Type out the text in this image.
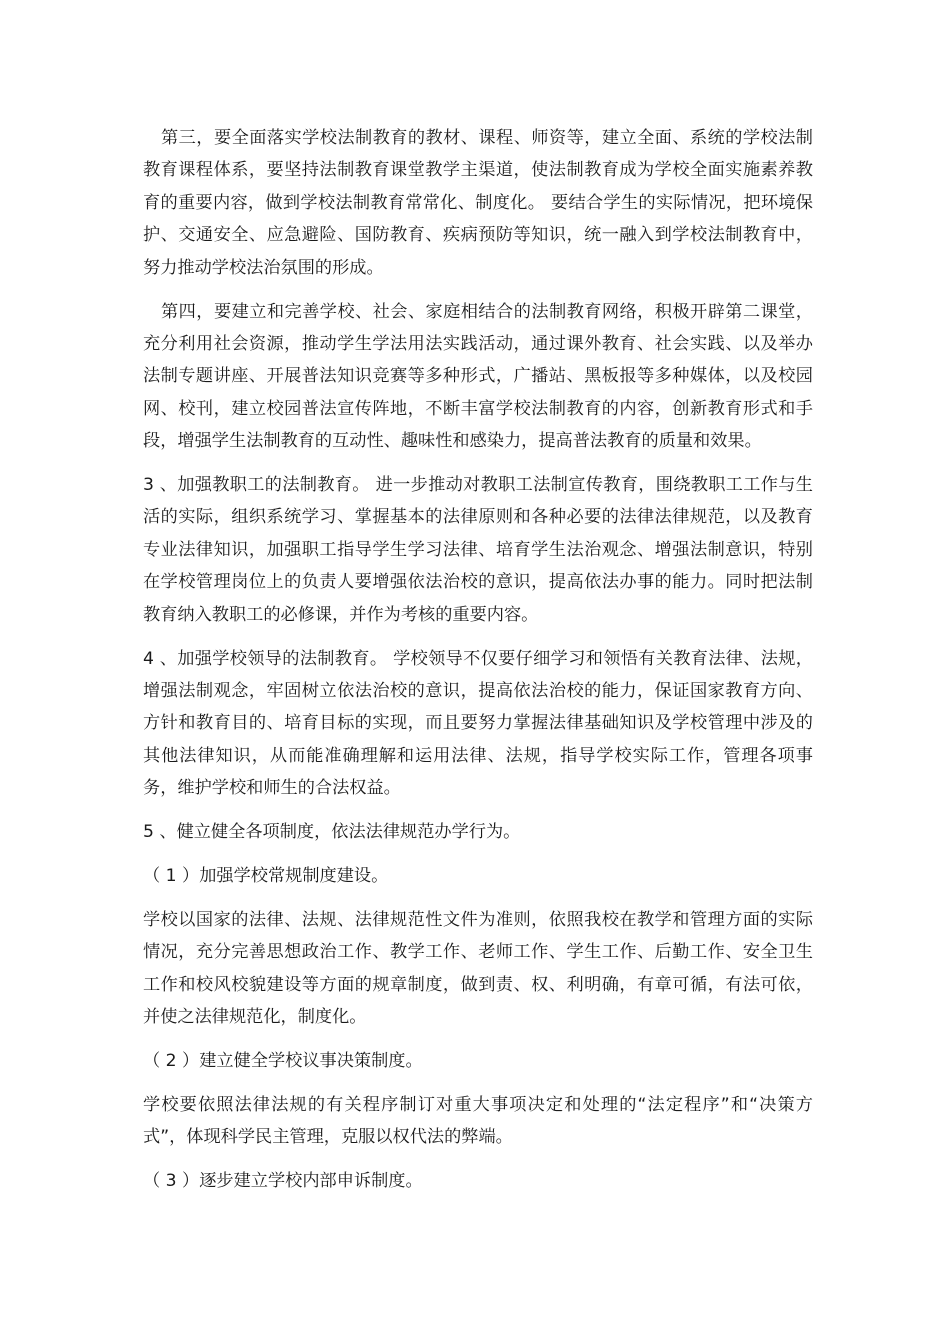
第三，要全面落实学校法制教育的教材、课程、师资等，建立全面、系统的学校法制教育课程体系，要坚持法制教育课堂教学主渠道，使法制教育成为学校全面实施素养教育的重要内容，做到学校法制教育常常化、制度化。 要结合学生的实际情况，把环境保护、交通安全、应急避险、国防教育、疾病预防等知识，统一融入到学校法制教育中，努力推动学校法治氛围的形成。

第四，要建立和完善学校、社会、家庭相结合的法制教育网络，积极开辟第二课堂，充分利用社会资源，推动学生学法用法实践活动，通过课外教育、社会实践、以及举办法制专题讲座、开展普法知识竞赛等多种形式，广播站、黑板报等多种媒体，以及校园网、校刊，建立校园普法宣传阵地，不断丰富学校法制教育的内容，创新教育形式和手段，增强学生法制教育的互动性、趣味性和感染力，提高普法教育的质量和效果。

3 、加强教职工的法制教育。 进一步推动对教职工法制宣传教育，围绕教职工工作与生活的实际，组织系统学习、掌握基本的法律原则和各种必要的法律法律规范，以及教育专业法律知识，加强职工指导学生学习法律、培育学生法治观念、增强法制意识，特别在学校管理岗位上的负责人要增强依法治校的意识，提高依法办事的能力。同时把法制教育纳入教职工的必修课，并作为考核的重要内容。

4 、加强学校领导的法制教育。 学校领导不仅要仔细学习和领悟有关教育法律、法规，增强法制观念，牢固树立依法治校的意识，提高依法治校的能力，保证国家教育方向、方针和教育目的、培育目标的实现，而且要努力掌握法律基础知识及学校管理中涉及的其他法律知识，从而能准确理解和运用法律、法规，指导学校实际工作，管理各项事务，维护学校和师生的合法权益。

5 、健立健全各项制度，依法法律规范办学行为。

（ 1 ）加强学校常规制度建设。

学校以国家的法律、法规、法律规范性文件为准则，依照我校在教学和管理方面的实际情况，充分完善思想政治工作、教学工作、老师工作、学生工作、后勤工作、安全卫生工作和校风校貌建设等方面的规章制度，做到责、权、利明确，有章可循，有法可依，并使之法律规范化，制度化。

（ 2 ）建立健全学校议事决策制度。

学校要依照法律法规的有关程序制订对重大事项决定和处理的“法定程序”和“决策方式”，体现科学民主管理，克服以权代法的弊端。

（ 3 ）逐步建立学校内部申诉制度。
